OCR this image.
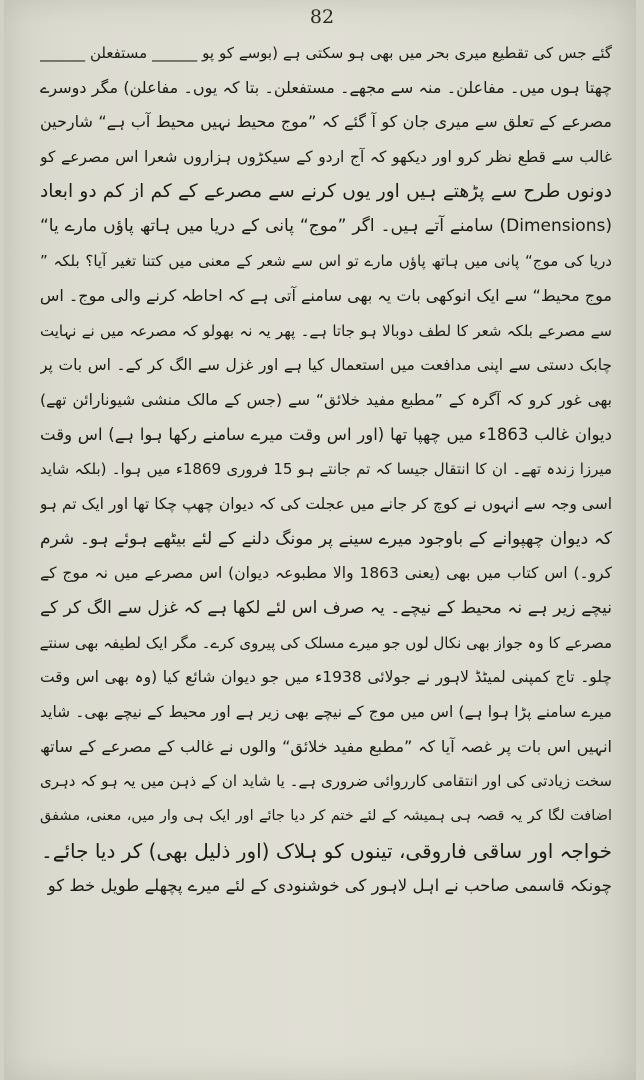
82
گئے جس کی تقطیع میری بحر میں بھی ہو سکتی ہے (بوسے کو پو ______ مستفعلن ______
چھتا ہوں میں۔ مفاعلن۔ منہ سے مجھے۔ مستفعلن۔ بتا کہ یوں۔ مفاعلن) مگر دوسرے
مصرعے کے تعلق سے میری جان کو آ گئے کہ ”موج محیط نہیں محیط آب ہے“ شارحین
غالب سے قطع نظر کرو اور دیکھو کہ آج اردو کے سیکڑوں ہزاروں شعرا اس مصرعے کو
دونوں طرح سے پڑھتے ہیں اور یوں کرنے سے مصرعے کے کم از کم دو ابعاد
(Dimensions) سامنے آتے ہیں۔ اگر ”موج“ پانی کے دریا میں ہاتھ پاؤں مارے یا“
دریا کی موج“ پانی میں ہاتھ پاؤں مارے تو اس سے شعر کے معنی میں کتنا تغیر آیا؟ بلکہ ”
موج محیط“ سے ایک انوکھی بات یہ بھی سامنے آتی ہے کہ احاطہ کرنے والی موج۔ اس
سے مصرعے بلکہ شعر کا لطف دوبالا ہو جاتا ہے۔ پھر یہ نہ بھولو کہ مصرعہ میں نے نہایت
چابک دستی سے اپنی مدافعت میں استعمال کیا ہے اور غزل سے الگ کر کے۔ اس بات پر
بھی غور کرو کہ آگرہ کے ”مطبع مفید خلائق“ سے (جس کے مالک منشی شیونارائن تھے)
دیوان غالب 1863ء میں چھپا تھا (اور اس وقت میرے سامنے رکھا ہوا ہے) اس وقت
میرزا زندہ تھے۔ ان کا انتقال جیسا کہ تم جانتے ہو 15 فروری 1869ء میں ہوا۔ (بلکہ شاید
اسی وجہ سے انہوں نے کوچ کر جانے میں عجلت کی کہ دیوان چھپ چکا تھا اور ایک تم ہو
کہ دیوان چھپوانے کے باوجود میرے سینے پر مونگ دلنے کے لئے بیٹھے ہوئے ہو۔ شرم
کرو۔) اس کتاب میں بھی (یعنی 1863 والا مطبوعہ دیوان) اس مصرعے میں نہ موج کے
نیچے زیر ہے نہ محیط کے نیچے۔ یہ صرف اس لئے لکھا ہے کہ غزل سے الگ کر کے
مصرعے کا وہ جواز بھی نکال لوں جو میرے مسلک کی پیروی کرے۔ مگر ایک لطیفہ بھی سنتے
چلو۔ تاج کمپنی لمیٹڈ لاہور نے جولائی 1938ء میں جو دیوان شائع کیا (وہ بھی اس وقت
میرے سامنے پڑا ہوا ہے) اس میں موج کے نیچے بھی زیر ہے اور محیط کے نیچے بھی۔ شاید
انہیں اس بات پر غصہ آیا کہ ”مطبع مفید خلائق“ والوں نے غالب کے مصرعے کے ساتھ
سخت زیادتی کی اور انتقامی کارروائی ضروری ہے۔ یا شاید ان کے ذہن میں یہ ہو کہ دہری
اضافت لگا کر یہ قصہ ہی ہمیشہ کے لئے ختم کر دیا جائے اور ایک ہی وار میں، معنی، مشفق
خواجہ اور ساقی فاروقی، تینوں کو ہلاک (اور ذلیل بھی) کر دیا جائے۔
چونکہ قاسمی صاحب نے اہل لاہور کی خوشنودی کے لئے میرے پچھلے طویل خط کو
